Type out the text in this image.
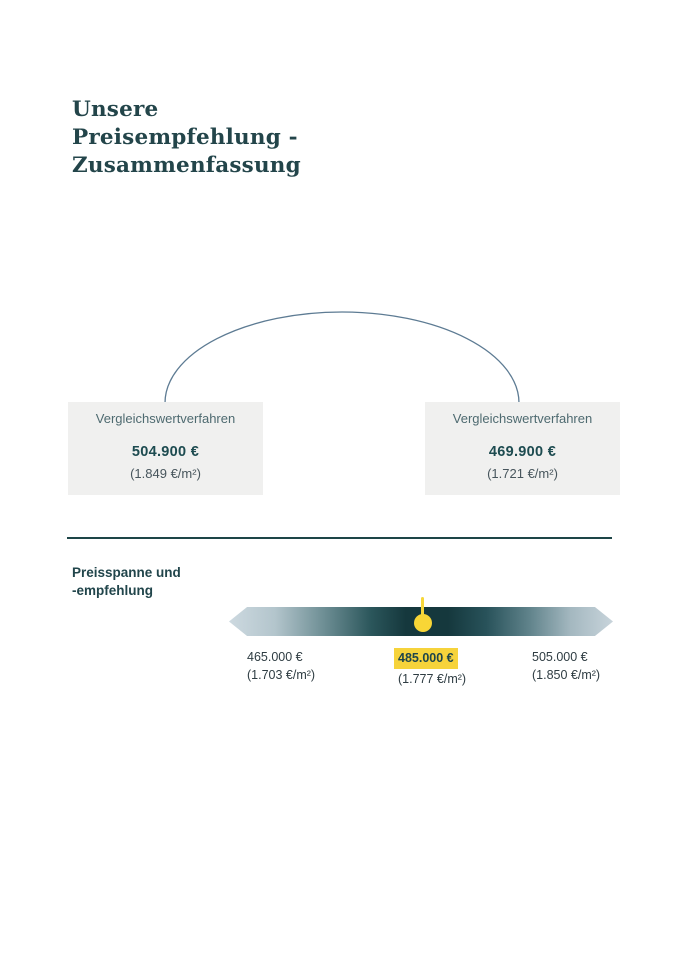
Unsere
Preisempfehlung -
Zusammenfassung
Vergleichswertverfahren
504.900 €
(1.849 €/m²)
Vergleichswertverfahren
469.900 €
(1.721 €/m²)
Preisspanne und
-empfehlung
465.000 €
(1.703 €/m²)
485.000 €
(1.777 €/m²)
505.000 €
(1.850 €/m²)
